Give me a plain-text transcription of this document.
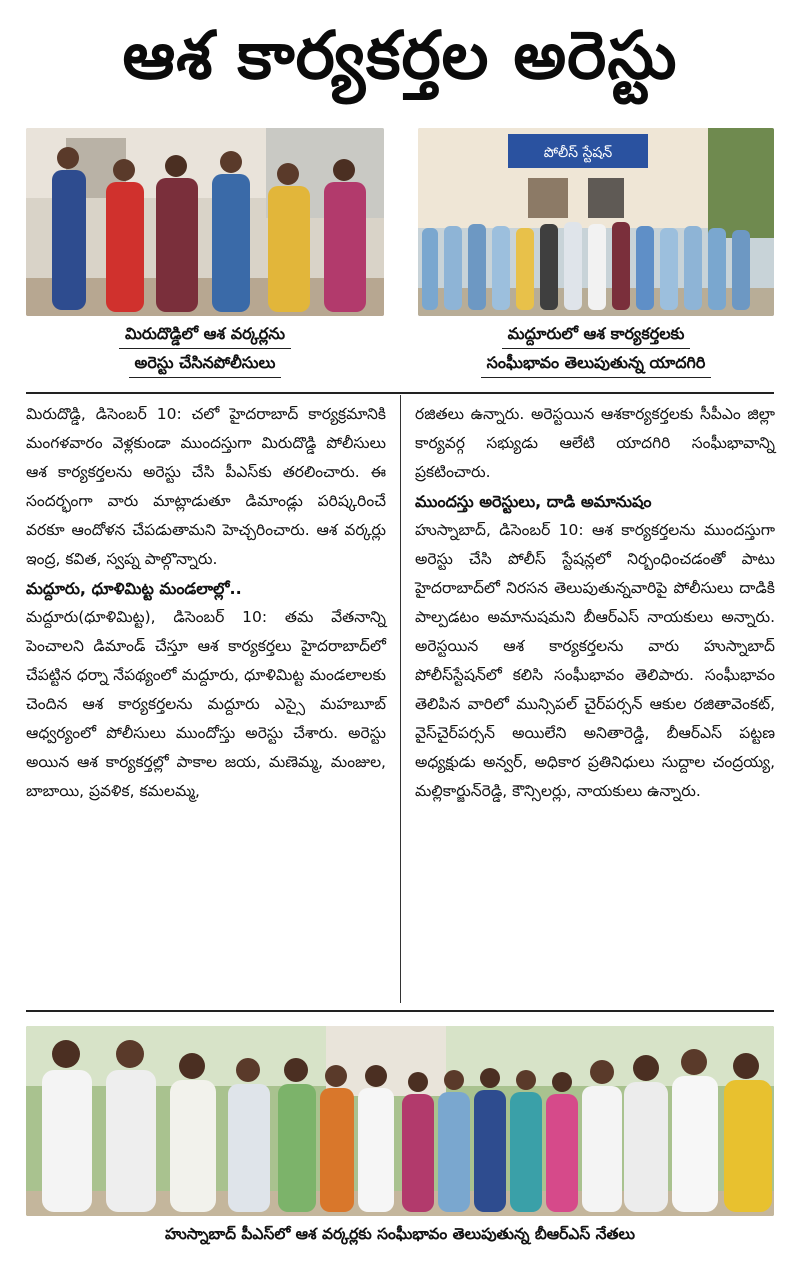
ఆశ కార్యకర్తల అరెస్టు
పోలీస్ స్టేషన్
మిరుదొడ్డిలో ఆశ వర్కర్లను
అరెస్టు చేసినపోలీసులు
మద్దూరులో ఆశ కార్యకర్తలకు
సంఘీభావం తెలుపుతున్న యాదగిరి

మిరుదొడ్డి, డిసెంబర్‌ 10: చలో హైదరాబాద్‌ కార్యక్రమానికి మంగళవారం వెళ్లకుండా ముందస్తుగా మిరుదొడ్డి పోలీసులు ఆశ కార్యకర్తలను అరెస్టు చేసి పీఎస్‌కు తరలించారు. ఈ సందర్భంగా వారు మాట్లాడుతూ డిమాండ్లు పరిష్కరించే వరకూ ఆందోళన చేపడుతామని హెచ్చరించారు. ఆశ వర్కర్లు ఇంద్ర, కవిత, స్వప్న పాల్గొన్నారు.

మద్దూరు, ధూళిమిట్ట మండలాల్లో..

మద్దూరు(ధూళిమిట్ట), డిసెంబర్‌ 10: తమ వేతనాన్ని పెంచాలని డిమాండ్‌ చేస్తూ ఆశ కార్యకర్తలు హైదరాబాద్‌లో చేపట్టిన ధర్నా నేపథ్యంలో మద్దూరు, ధూళిమిట్ట మండలాలకు చెందిన ఆశ కార్యకర్తలను మద్దూరు ఎస్సై మహబూబ్‌ ఆధ్వర్యంలో పోలీసులు ముందోస్తు అరెస్టు చేశారు. అరెస్టు అయిన ఆశ కార్యకర్తల్లో పాకాల జయ, మణెమ్మ, మంజుల, బాబాయి, ప్రవళిక, కమలమ్మ,

రజితలు ఉన్నారు. అరెస్టయిన ఆశకార్యకర్తలకు సీపీఎం జిల్లా కార్యవర్గ సభ్యుడు ఆలేటి యాదగిరి సంఘీభావాన్ని ప్రకటించారు.

ముందస్తు అరెస్టులు, దాడి అమానుషం

హుస్నాబాద్‌, డిసెంబర్‌ 10: ఆశ కార్యకర్తలను ముందస్తుగా అరెస్టు చేసి పోలీస్‌ స్టేషన్లలో నిర్బంధించడంతో పాటు హైదరాబాద్‌లో నిరసన తెలుపుతున్నవారిపై పోలీసులు దాడికి పాల్పడటం అమానుషమని బీఆర్‌ఎస్‌ నాయకులు అన్నారు. అరెస్టయిన ఆశ కార్యకర్తలను వారు హుస్నాబాద్‌ పోలీస్‌స్టేషన్‌లో కలిసి సంఘీభావం తెలిపారు. సంఘీభావం తెలిపిన వారిలో మున్సిపల్‌ చైర్‌పర్సన్‌ ఆకుల రజితావెంకట్‌, వైస్‌చైర్‌పర్సన్‌ అయిలేని అనితారెడ్డి, బీఆర్‌ఎస్‌ పట్టణ అధ్యక్షుడు అన్వర్‌, అధికార ప్రతినిధులు సుద్దాల చంద్రయ్య, మల్లికార్జున్‌రెడ్డి, కౌన్సిలర్లు, నాయకులు ఉన్నారు.

హుస్నాబాద్‌ పీఎస్‌లో ఆశ వర్కర్లకు సంఘీభావం తెలుపుతున్న బీఆర్‌ఎస్‌ నేతలు
